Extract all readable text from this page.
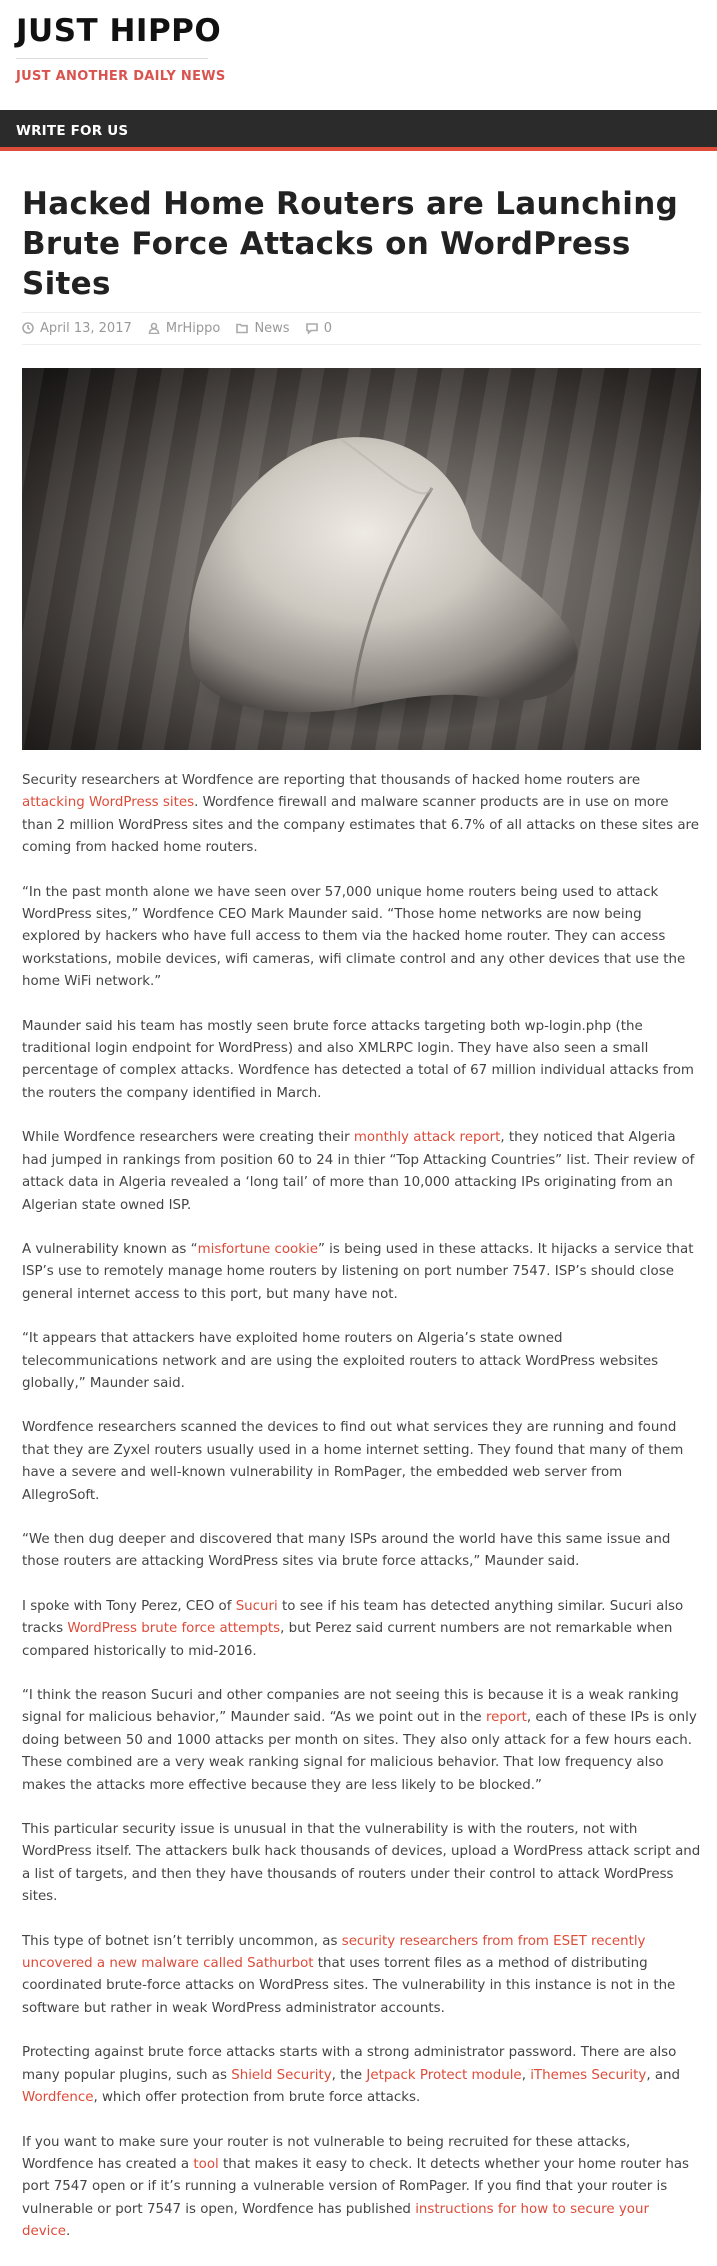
JUST HIPPO
JUST ANOTHER DAILY NEWS
WRITE FOR US
Hacked Home Routers are Launching Brute Force Attacks on WordPress Sites
April 13, 2017
	MrHippo
	News
	0

Security researchers at Wordfence are reporting that thousands of hacked home routers are attacking WordPress sites. Wordfence firewall and malware scanner products are in use on more than 2 million WordPress sites and the company estimates that 6.7% of all attacks on these sites are coming from hacked home routers.

“In the past month alone we have seen over 57,000 unique home routers being used to attack WordPress sites,” Wordfence CEO Mark Maunder said. “Those home networks are now being explored by hackers who have full access to them via the hacked home router. They can access workstations, mobile devices, wifi cameras, wifi climate control and any other devices that use the home WiFi network.”

Maunder said his team has mostly seen brute force attacks targeting both wp-login.php (the traditional login endpoint for WordPress) and also XMLRPC login. They have also seen a small percentage of complex attacks. Wordfence has detected a total of 67 million individual attacks from the routers the company identified in March.

While Wordfence researchers were creating their monthly attack report, they noticed that Algeria had jumped in rankings from position 60 to 24 in thier “Top Attacking Countries” list. Their review of attack data in Algeria revealed a ‘long tail’ of more than 10,000 attacking IPs originating from an Algerian state owned ISP.

A vulnerability known as “misfortune cookie” is being used in these attacks. It hijacks a service that ISP’s use to remotely manage home routers by listening on port number 7547. ISP’s should close general internet access to this port, but many have not.

“It appears that attackers have exploited home routers on Algeria’s state owned telecommunications network and are using the exploited routers to attack WordPress websites globally,” Maunder said.

Wordfence researchers scanned the devices to find out what services they are running and found that they are Zyxel routers usually used in a home internet setting. They found that many of them have a severe and well-known vulnerability in RomPager, the embedded web server from AllegroSoft.

“We then dug deeper and discovered that many ISPs around the world have this same issue and those routers are attacking WordPress sites via brute force attacks,” Maunder said.

I spoke with Tony Perez, CEO of Sucuri to see if his team has detected anything similar. Sucuri also tracks WordPress brute force attempts, but Perez said current numbers are not remarkable when compared historically to mid-2016.

“I think the reason Sucuri and other companies are not seeing this is because it is a weak ranking signal for malicious behavior,” Maunder said. “As we point out in the report, each of these IPs is only doing between 50 and 1000 attacks per month on sites. They also only attack for a few hours each. These combined are a very weak ranking signal for malicious behavior. That low frequency also makes the attacks more effective because they are less likely to be blocked.”

This particular security issue is unusual in that the vulnerability is with the routers, not with WordPress itself. The attackers bulk hack thousands of devices, upload a WordPress attack script and a list of targets, and then they have thousands of routers under their control to attack WordPress sites.

This type of botnet isn’t terribly uncommon, as security researchers from from ESET recently uncovered a new malware called Sathurbot that uses torrent files as a method of distributing coordinated brute-force attacks on WordPress sites. The vulnerability in this instance is not in the software but rather in weak WordPress administrator accounts.

Protecting against brute force attacks starts with a strong administrator password. There are also many popular plugins, such as Shield Security, the Jetpack Protect module, iThemes Security, and Wordfence, which offer protection from brute force attacks.

If you want to make sure your router is not vulnerable to being recruited for these attacks, Wordfence has created a tool that makes it easy to check. It detects whether your home router has port 7547 open or if it’s running a vulnerable version of RomPager. If you find that your router is vulnerable or port 7547 is open, Wordfence has published instructions for how to secure your device.
